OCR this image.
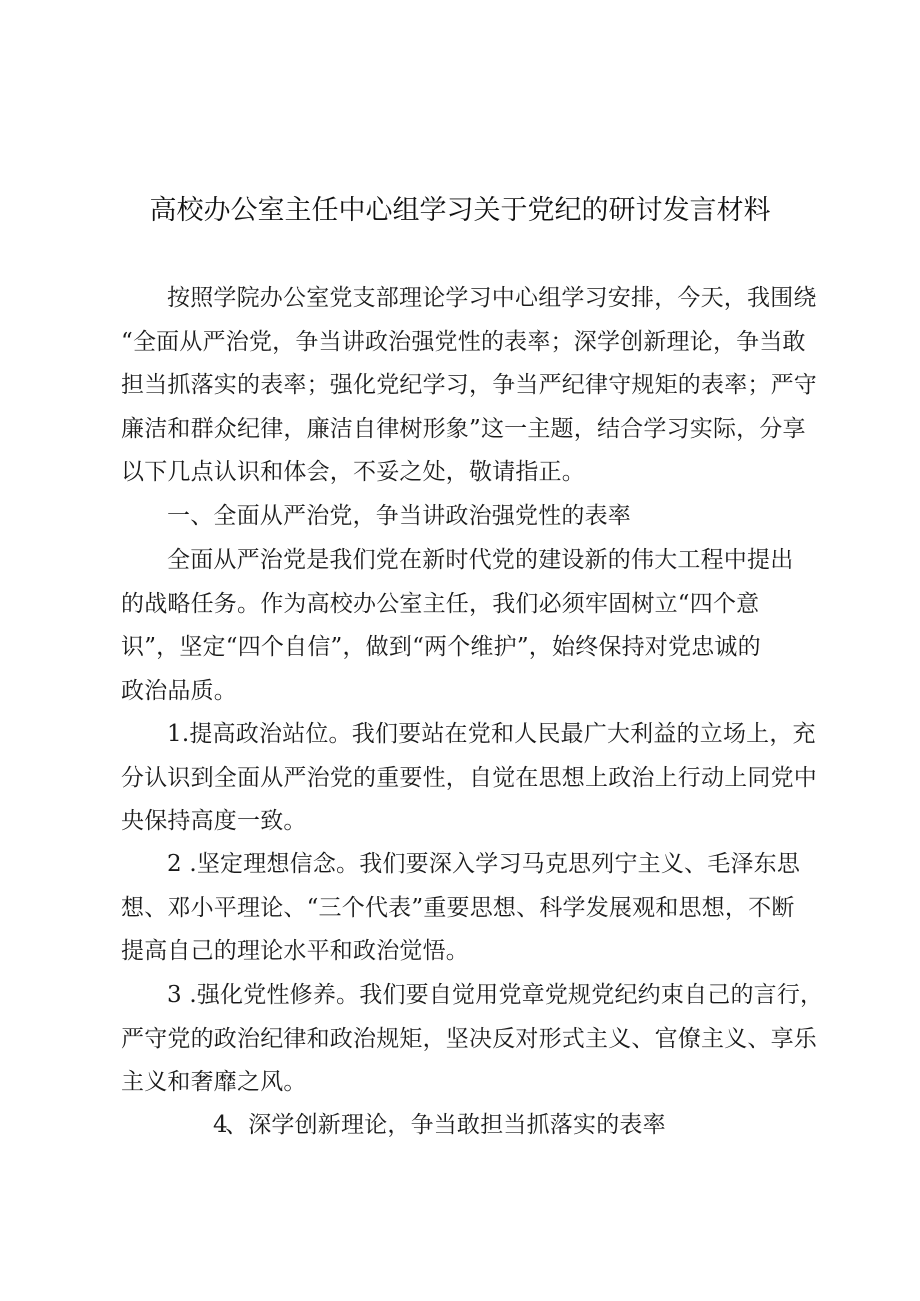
高校办公室主任中心组学习关于党纪的研讨发言材料

按照学院办公室党支部理论学习中心组学习安排，今天，我围绕
“全面从严治党，争当讲政治强党性的表率；深学创新理论，争当敢
担当抓落实的表率；强化党纪学习，争当严纪律守规矩的表率；严守
廉洁和群众纪律，廉洁自律树形象”这一主题，结合学习实际，分享
以下几点认识和体会，不妥之处，敬请指正。

一、全面从严治党，争当讲政治强党性的表率

全面从严治党是我们党在新时代党的建设新的伟大工程中提出
的战略任务。作为高校办公室主任，我们必须牢固树立“四个意
识”，坚定“四个自信”，做到“两个维护”，始终保持对党忠诚的
政治品质。

1.提高政治站位。我们要站在党和人民最广大利益的立场上，充
分认识到全面从严治党的重要性，自觉在思想上政治上行动上同党中
央保持高度一致。

2 .坚定理想信念。我们要深入学习马克思列宁主义、毛泽东思
想、邓小平理论、“三个代表”重要思想、科学发展观和思想，不断
提高自己的理论水平和政治觉悟。

3 .强化党性修养。我们要自觉用党章党规党纪约束自己的言行，
严守党的政治纪律和政治规矩，坚决反对形式主义、官僚主义、享乐
主义和奢靡之风。

4、深学创新理论，争当敢担当抓落实的表率
